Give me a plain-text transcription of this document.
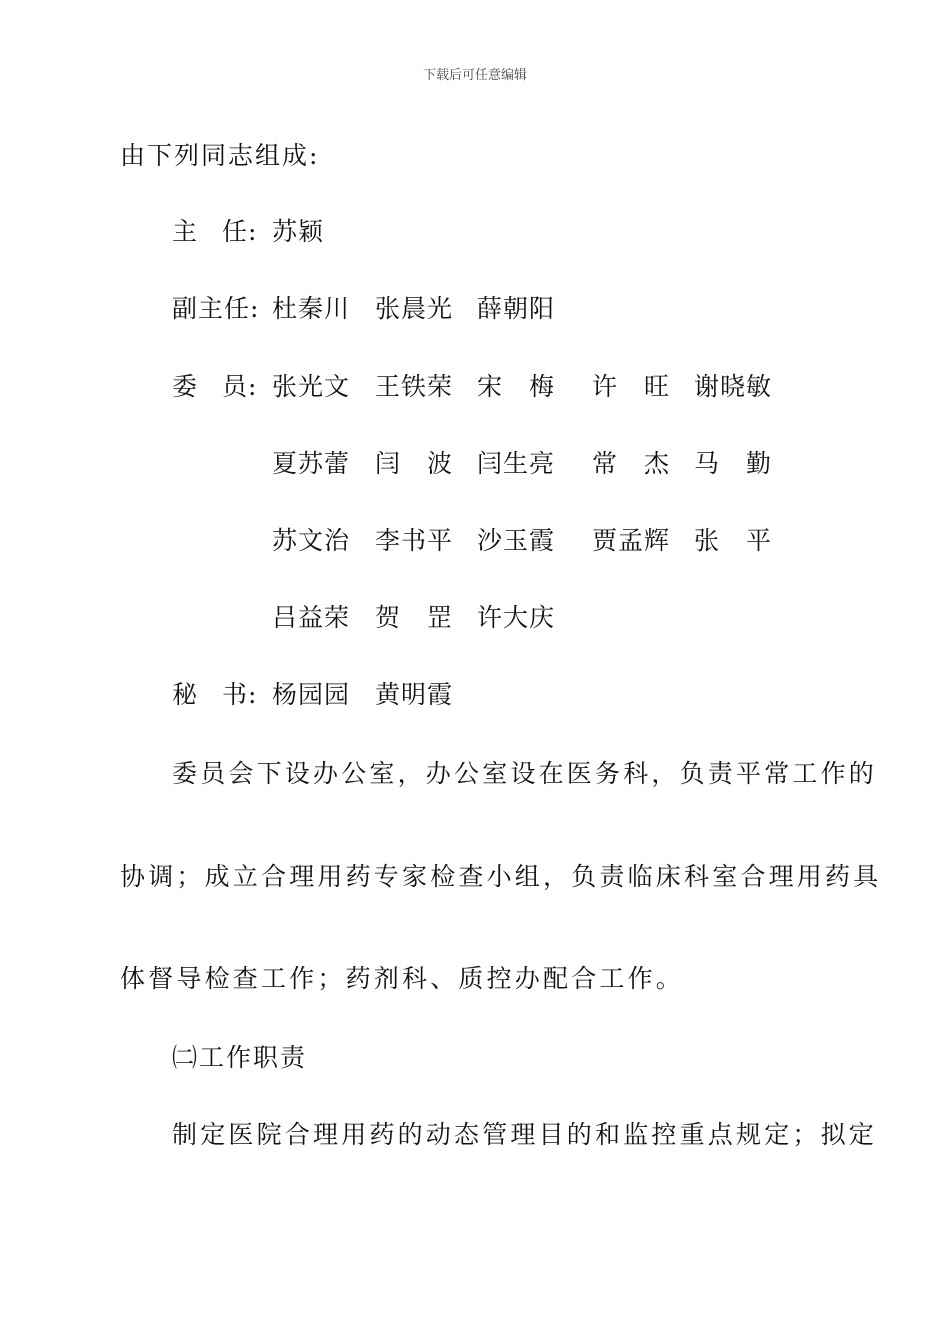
下载后可任意编辑
由下列同志组成:
主 任: 苏颖
副主任: 杜秦川 张晨光 薛朝阳
委 员: 张光文 王铁荣 宋　梅 许　旺 谢晓敏
夏苏蕾 闫　波 闫生亮 常　杰 马　勤
苏文治 李书平 沙玉霞 贾孟辉 张　平
吕益荣 贺　罡 许大庆
秘 书: 杨园园 黄明霞
委员会下设办公室，办公室设在医务科，负责平常工作的
协调；成立合理用药专家检查小组，负责临床科室合理用药具
体督导检查工作；药剂科、质控办配合工作。
㈡工作职责
制定医院合理用药的动态管理目的和监控重点规定；拟定
